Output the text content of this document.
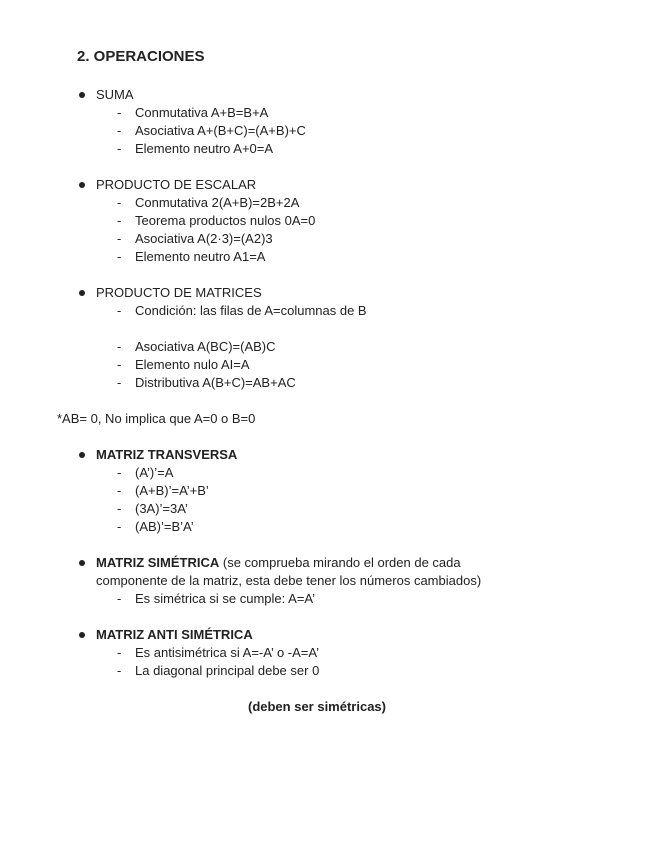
2. OPERACIONES
SUMA
- Conmutativa A+B=B+A
- Asociativa A+(B+C)=(A+B)+C
- Elemento neutro A+0=A
PRODUCTO DE ESCALAR
- Conmutativa 2(A+B)=2B+2A
- Teorema productos nulos 0A=0
- Asociativa A(2·3)=(A2)3
- Elemento neutro A1=A
PRODUCTO DE MATRICES
- Condición: las filas de A=columnas de B
- Asociativa A(BC)=(AB)C
- Elemento nulo AI=A
- Distributiva A(B+C)=AB+AC
*AB= 0, No implica que A=0 o B=0
MATRIZ TRANSVERSA
- (A’)’=A
- (A+B)’=A’+B’
- (3A)’=3A’
- (AB)’=B’A’
MATRIZ SIMÉTRICA (se comprueba mirando el orden de cada
componente de la matriz, esta debe tener los números cambiados)
- Es simétrica si se cumple: A=A’
MATRIZ ANTI SIMÉTRICA
- Es antisimétrica si A=-A’ o -A=A’
- La diagonal principal debe ser 0
(deben ser simétricas)
